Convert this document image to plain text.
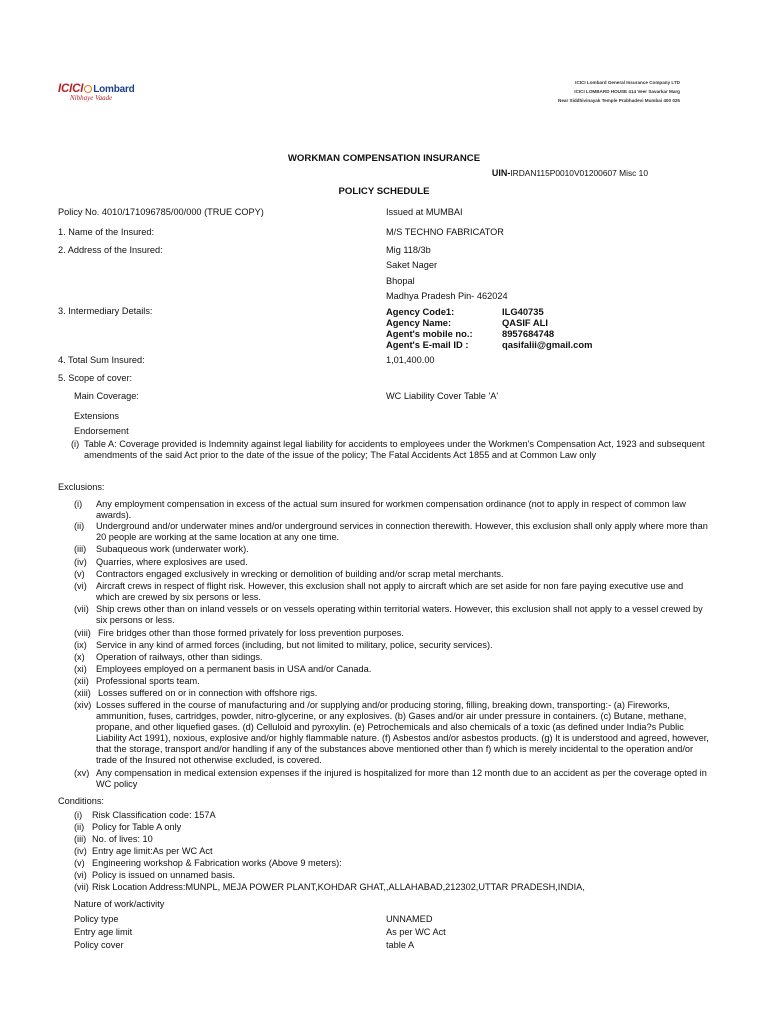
ICICI Lombard
Nibhaye Vaade
ICICI Lombard General Insurance Company LTD
ICICI LOMBARD HOUSE 414 Veer Savarkar Marg
Near Siddhivinayak Temple Prabhadevi Mumbai 400 025
WORKMAN COMPENSATION INSURANCE
UIN-IRDAN115P0010V01200607 Misc 10
POLICY SCHEDULE
Policy No. 4010/171096785/00/000 (TRUE COPY)	Issued at MUMBAI
1. Name of the Insured:	M/S TECHNO FABRICATOR
2. Address of the Insured:	Mig 118/3b
Saket Nager
Bhopal
Madhya Pradesh Pin- 462024
3. Intermediary Details:	Agency Code1:	ILG40735
Agency Name:	QASIF ALI
Agent's mobile no.:	8957684748
Agent's E-mail ID :	qasifalii@gmail.com
4. Total Sum Insured:	1,01,400.00
5. Scope of cover:
Main Coverage:	WC Liability Cover Table 'A'
Extensions
Endorsement
(i) Table A: Coverage provided is Indemnity against legal liability for accidents to employees under the Workmen's Compensation Act, 1923 and subsequent amendments of the said Act prior to the date of the issue of the policy; The Fatal Accidents Act 1855 and at Common Law only
Exclusions:
(i) Any employment compensation in excess of the actual sum insured for workmen compensation ordinance (not to apply in respect of common law awards).
(ii) Underground and/or underwater mines and/or underground services in connection therewith. However, this exclusion shall only apply where more than 20 people are working at the same location at any one time.
(iii) Subaqueous work (underwater work).
(iv) Quarries, where explosives are used.
(v) Contractors engaged exclusively in wrecking or demolition of building and/or scrap metal merchants.
(vi) Aircraft crews in respect of flight risk. However, this exclusion shall not apply to aircraft which are set aside for non fare paying executive use and which are crewed by six persons or less.
(vii) Ship crews other than on inland vessels or on vessels operating within territorial waters. However, this exclusion shall not apply to a vessel crewed by six persons or less.
(viii) Fire bridges other than those formed privately for loss prevention purposes.
(ix) Service in any kind of armed forces (including, but not limited to military, police, security services).
(x) Operation of railways, other than sidings.
(xi) Employees employed on a permanent basis in USA and/or Canada.
(xii) Professional sports team.
(xiii) Losses suffered on or in connection with offshore rigs.
(xiv) Losses suffered in the course of manufacturing and /or supplying and/or producing storing, filling, breaking down, transporting:- (a) Fireworks, ammunition, fuses, cartridges, powder, nitro-glycerine, or any explosives. (b) Gases and/or air under pressure in containers. (c) Butane, methane, propane, and other liquefied gases. (d) Celluloid and pyroxylin. (e) Petrochemicals and also chemicals of a toxic (as defined under India?s Public Liability Act 1991), noxious, explosive and/or highly flammable nature. (f) Asbestos and/or asbestos products. (g) It is understood and agreed, however, that the storage, transport and/or handling if any of the substances above mentioned other than f) which is merely incidental to the operation and/or trade of the Insured not otherwise excluded, is covered.
(xv) Any compensation in medical extension expenses if the injured is hospitalized for more than 12 month due to an accident as per the coverage opted in WC policy
Conditions:
(i) Risk Classification code: 157A
(ii) Policy for Table A only
(iii) No. of lives: 10
(iv) Entry age limit:As per WC Act
(v) Engineering workshop & Fabrication works (Above 9 meters):
(vi) Policy is issued on unnamed basis.
(vii) Risk Location Address:MUNPL, MEJA POWER PLANT,KOHDAR GHAT,,ALLAHABAD,212302,UTTAR PRADESH,INDIA,
Nature of work/activity
Policy type	UNNAMED
Entry age limit	As per WC Act
Policy cover	table A
